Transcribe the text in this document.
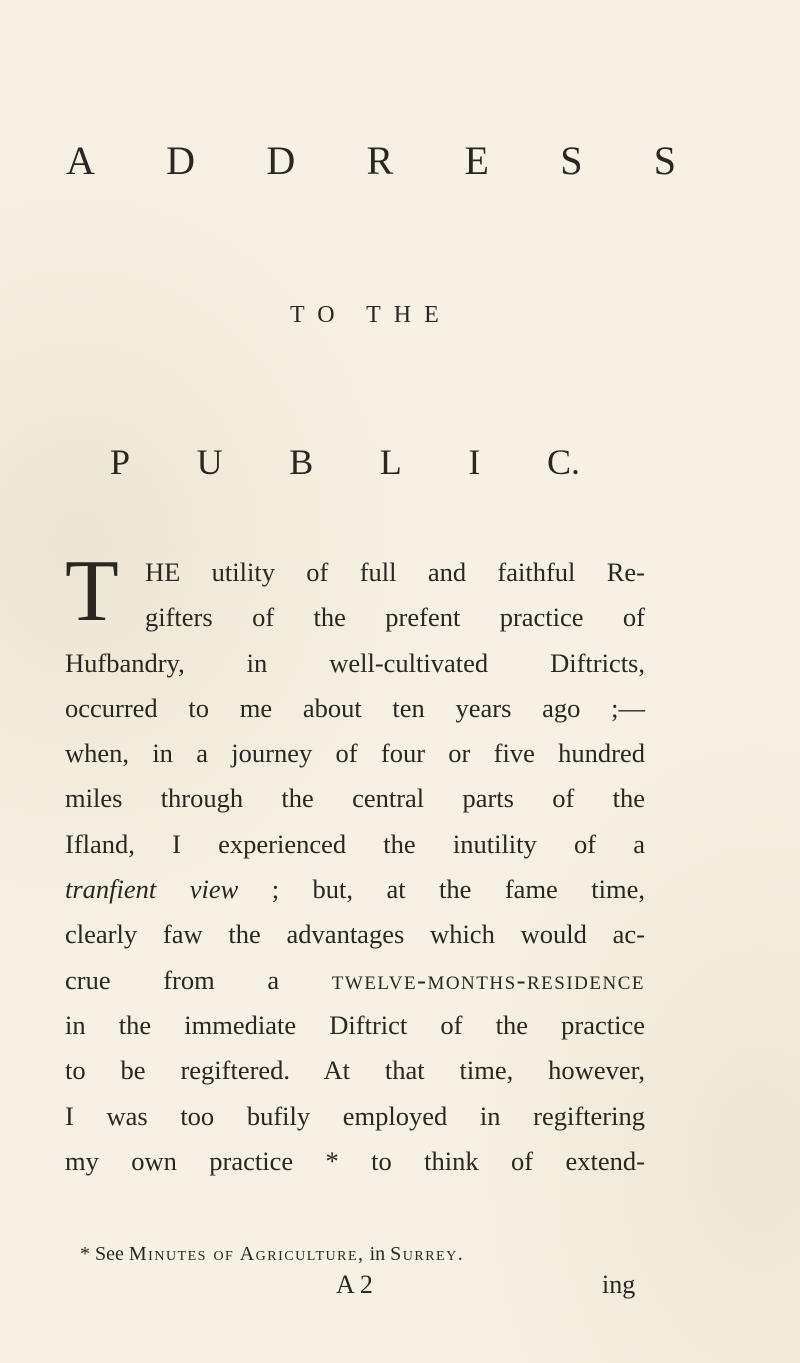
A D D R E S S
TO THE
P U B L I C.
T HE utility of full and faithful Re-
gifters of the prefent practice of
Hufbandry, in well-cultivated Diftricts,
occurred to me about ten years ago ;—
when, in a journey of four or five hundred
miles through the central parts of the
Ifland, I experienced the inutility of a
tranfient view ; but, at the fame time,
clearly faw the advantages which would ac-
crue from a twelve-months-residence
in the immediate Diftrict of the practice
to be regiftered. At that time, however,
I was too bufily employed in regiftering
my own practice * to think of extend-
* See Minutes of Agriculture, in Surrey.
A 2	ing
